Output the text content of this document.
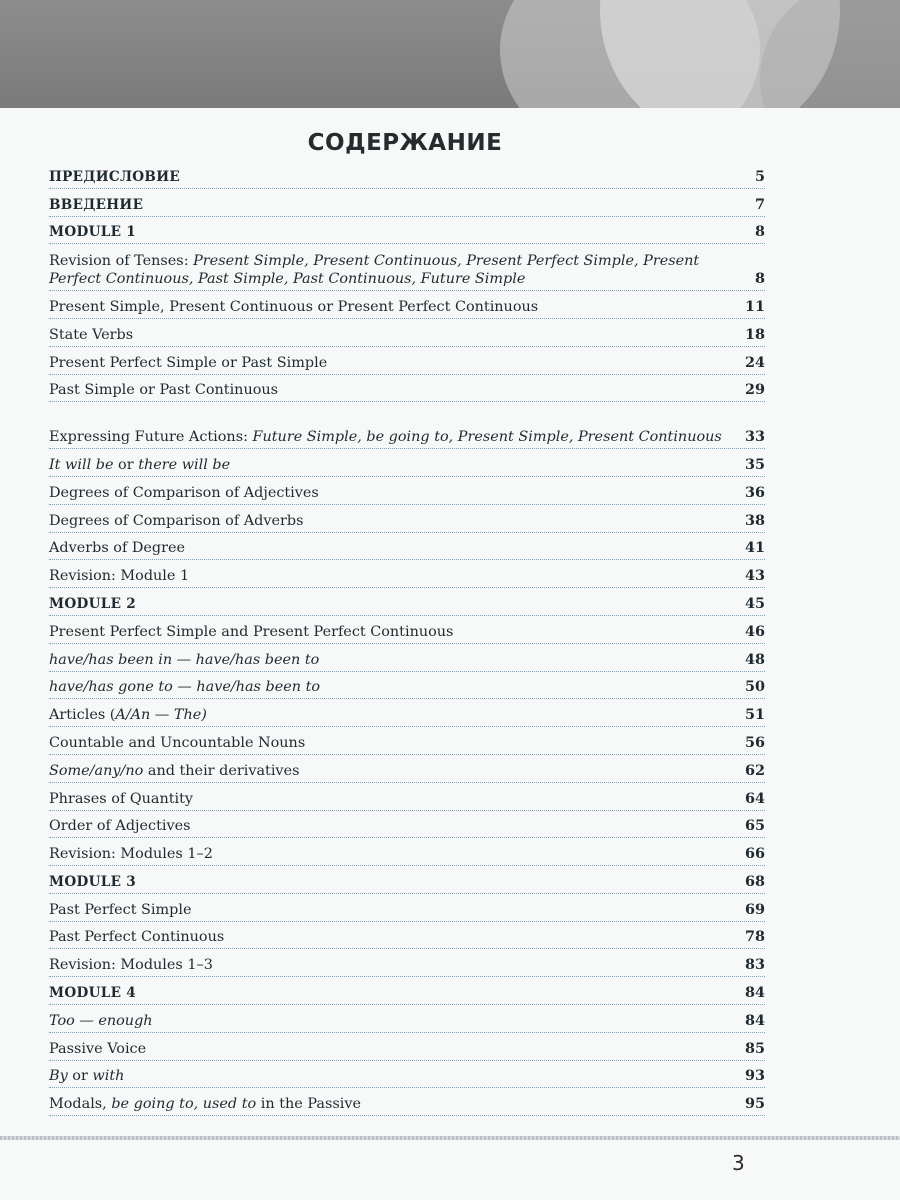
СОДЕРЖАНИЕ
ПРЕДИСЛОВИЕ	5
ВВЕДЕНИЕ	7
MODULE 1	8
Revision of Tenses: Present Simple, Present Continuous, Present Perfect Simple, Present Perfect Continuous, Past Simple, Past Continuous, Future Simple	8
Present Simple, Present Continuous or Present Perfect Continuous	11
State Verbs	18
Present Perfect Simple or Past Simple	24
Past Simple or Past Continuous	29
Expressing Future Actions: Future Simple, be going to, Present Simple, Present Continuous	33
It will be or there will be	35
Degrees of Comparison of Adjectives	36
Degrees of Comparison of Adverbs	38
Adverbs of Degree	41
Revision: Module 1	43
MODULE 2	45
Present Perfect Simple and Present Perfect Continuous	46
have/has been in — have/has been to	48
have/has gone to — have/has been to	50
Articles (A/An — The)	51
Countable and Uncountable Nouns	56
Some/any/no and their derivatives	62
Phrases of Quantity	64
Order of Adjectives	65
Revision: Modules 1–2	66
MODULE 3	68
Past Perfect Simple	69
Past Perfect Continuous	78
Revision: Modules 1–3	83
MODULE 4	84
Too — enough	84
Passive Voice	85
By or with	93
Modals, be going to, used to in the Passive	95
3
